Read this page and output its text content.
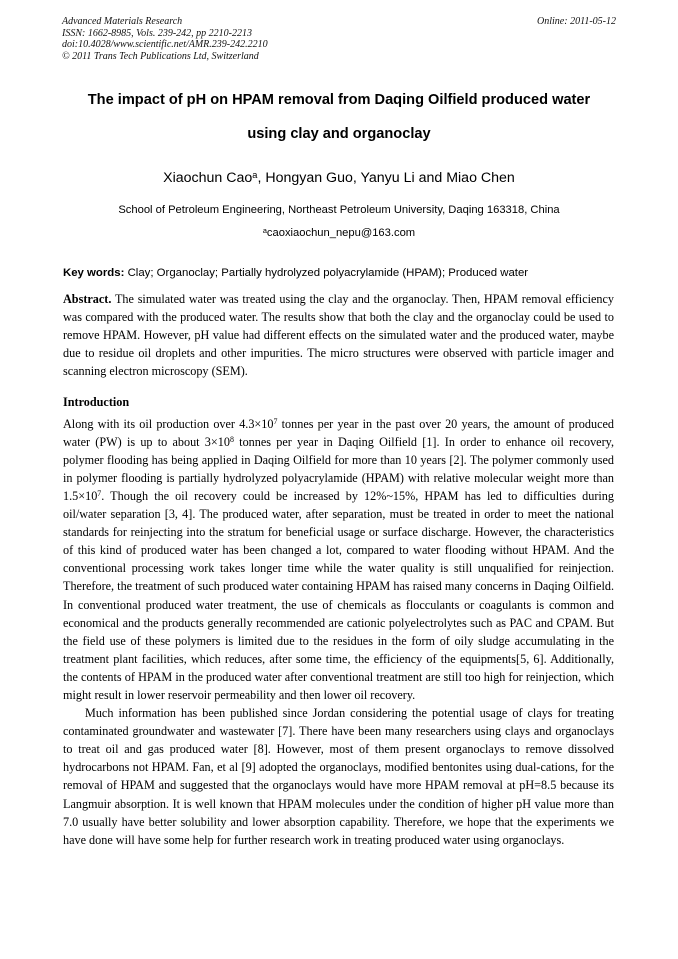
Advanced Materials Research
ISSN: 1662-8985, Vols. 239-242, pp 2210-2213
doi:10.4028/www.scientific.net/AMR.239-242.2210
© 2011 Trans Tech Publications Ltd, Switzerland
Online: 2011-05-12
The impact of pH on HPAM removal from Daqing Oilfield produced water
using clay and organoclay
Xiaochun Cao$^a$, Hongyan Guo, Yanyu Li and Miao Chen
School of Petroleum Engineering, Northeast Petroleum University, Daqing 163318, China
$^a$caoxiaochun_nepu@163.com
Key words: Clay; Organoclay; Partially hydrolyzed polyacrylamide (HPAM); Produced water

Abstract. The simulated water was treated using the clay and the organoclay. Then, HPAM removal efficiency was compared with the produced water. The results show that both the clay and the organoclay could be used to remove HPAM. However, pH value had different effects on the simulated water and the produced water, maybe due to residue oil droplets and other impurities. The micro structures were observed with particle imager and scanning electron microscopy (SEM).

Introduction

Along with its oil production over $4.3\times 10^7$ tonnes per year in the past over 20 years, the amount of produced water (PW) is up to about $3\times 10^8$ tonnes per year in Daqing Oilfield [1]. In order to enhance oil recovery, polymer flooding has being applied in Daqing Oilfield for more than 10 years [2]. The polymer commonly used in polymer flooding is partially hydrolyzed polyacrylamide (HPAM) with relative molecular weight more than $1.5\times 10^7$. Though the oil recovery could be increased by 12%~15%, HPAM has led to difficulties during oil/water separation [3, 4]. The produced water, after separation, must be treated in order to meet the national standards for reinjecting into the stratum for beneficial usage or surface discharge. However, the characteristics of this kind of produced water has been changed a lot, compared to water flooding without HPAM. And the conventional processing work takes longer time while the water quality is still unqualified for reinjection. Therefore, the treatment of such produced water containing HPAM has raised many concerns in Daqing Oilfield. In conventional produced water treatment, the use of chemicals as flocculants or coagulants is common and economical and the products generally recommended are cationic polyelectrolytes such as PAC and CPAM. But the field use of these polymers is limited due to the residues in the form of oily sludge accumulating in the treatment plant facilities, which reduces, after some time, the efficiency of the equipments[5, 6]. Additionally, the contents of HPAM in the produced water after conventional treatment are still too high for reinjection, which might result in lower reservoir permeability and then lower oil recovery.

Much information has been published since Jordan considering the potential usage of clays for treating contaminated groundwater and wastewater [7]. There have been many researchers using clays and organoclays to treat oil and gas produced water [8]. However, most of them present organoclays to remove dissolved hydrocarbons not HPAM. Fan, et al [9] adopted the organoclays, modified bentonites using dual-cations, for the removal of HPAM and suggested that the organoclays would have more HPAM removal at pH=8.5 because its Langmuir absorption. It is well known that HPAM molecules under the condition of higher pH value more than 7.0 usually have better solubility and lower absorption capability. Therefore, we hope that the experiments we have done will have some help for further research work in treating produced water using organoclays.
